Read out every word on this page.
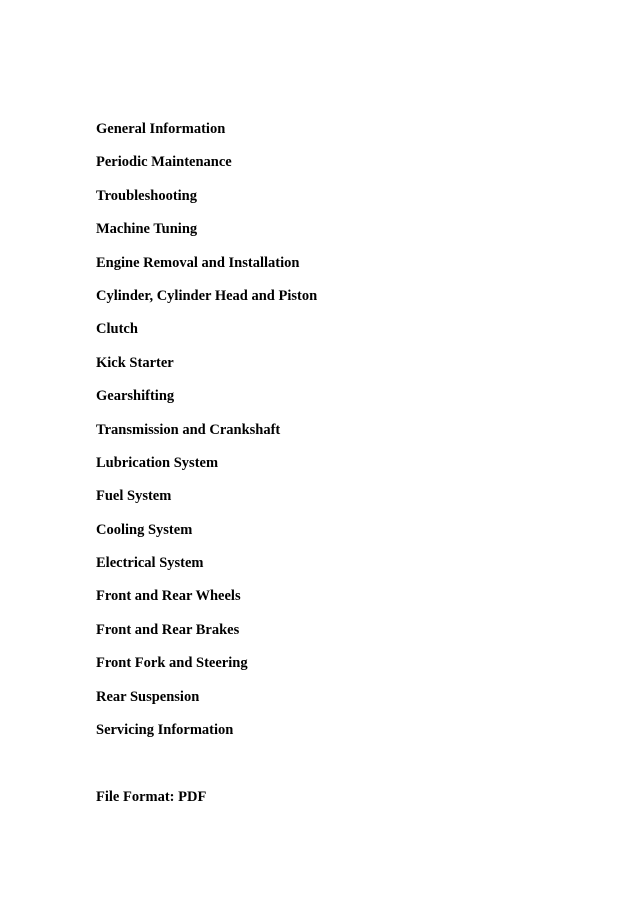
General Information
Periodic Maintenance
Troubleshooting
Machine Tuning
Engine Removal and Installation
Cylinder, Cylinder Head and Piston
Clutch
Kick Starter
Gearshifting
Transmission and Crankshaft
Lubrication System
Fuel System
Cooling System
Electrical System
Front and Rear Wheels
Front and Rear Brakes
Front Fork and Steering
Rear Suspension
Servicing Information
File Format: PDF
